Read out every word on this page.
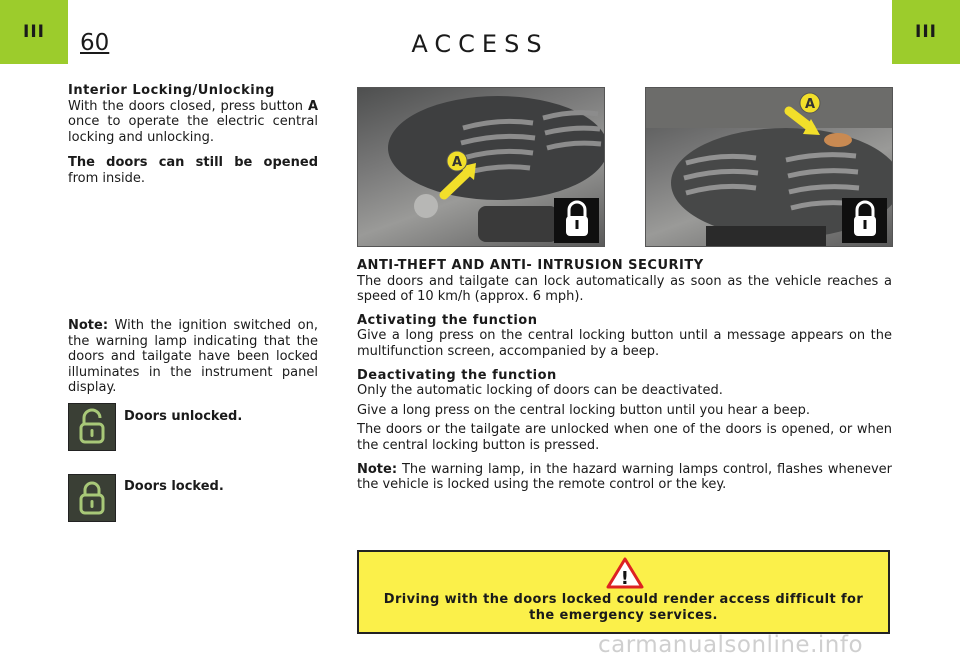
III	III
60	ACCESS
Interior Locking/Unlocking

With the doors closed, press button A once to operate the electric central locking and unlocking.

The doors can still be opened from inside.

Note: With the ignition switched on, the warning lamp indicating that the doors and tailgate have been locked illuminates in the instrument panel display.
Doors unlocked.
Doors locked.
A
A
ANTI-THEFT AND ANTI- INTRUSION SECURITY

The doors and tailgate can lock automatically as soon as the vehicle reaches a speed of 10 km/h (approx. 6 mph).

Activating the function

Give a long press on the central locking button until a message appears on the multifunction screen, accompanied by a beep.

Deactivating the function

Only the automatic locking of doors can be deactivated.

Give a long press on the central locking button until you hear a beep.

The doors or the tailgate are unlocked when one of the doors is opened, or when the central locking button is pressed.

Note: The warning lamp, in the hazard warning lamps control, flashes whenever the vehicle is locked using the remote control or the key.

!
Driving with the doors locked could render access difficult for the emergency services.
carmanualsonline.info
